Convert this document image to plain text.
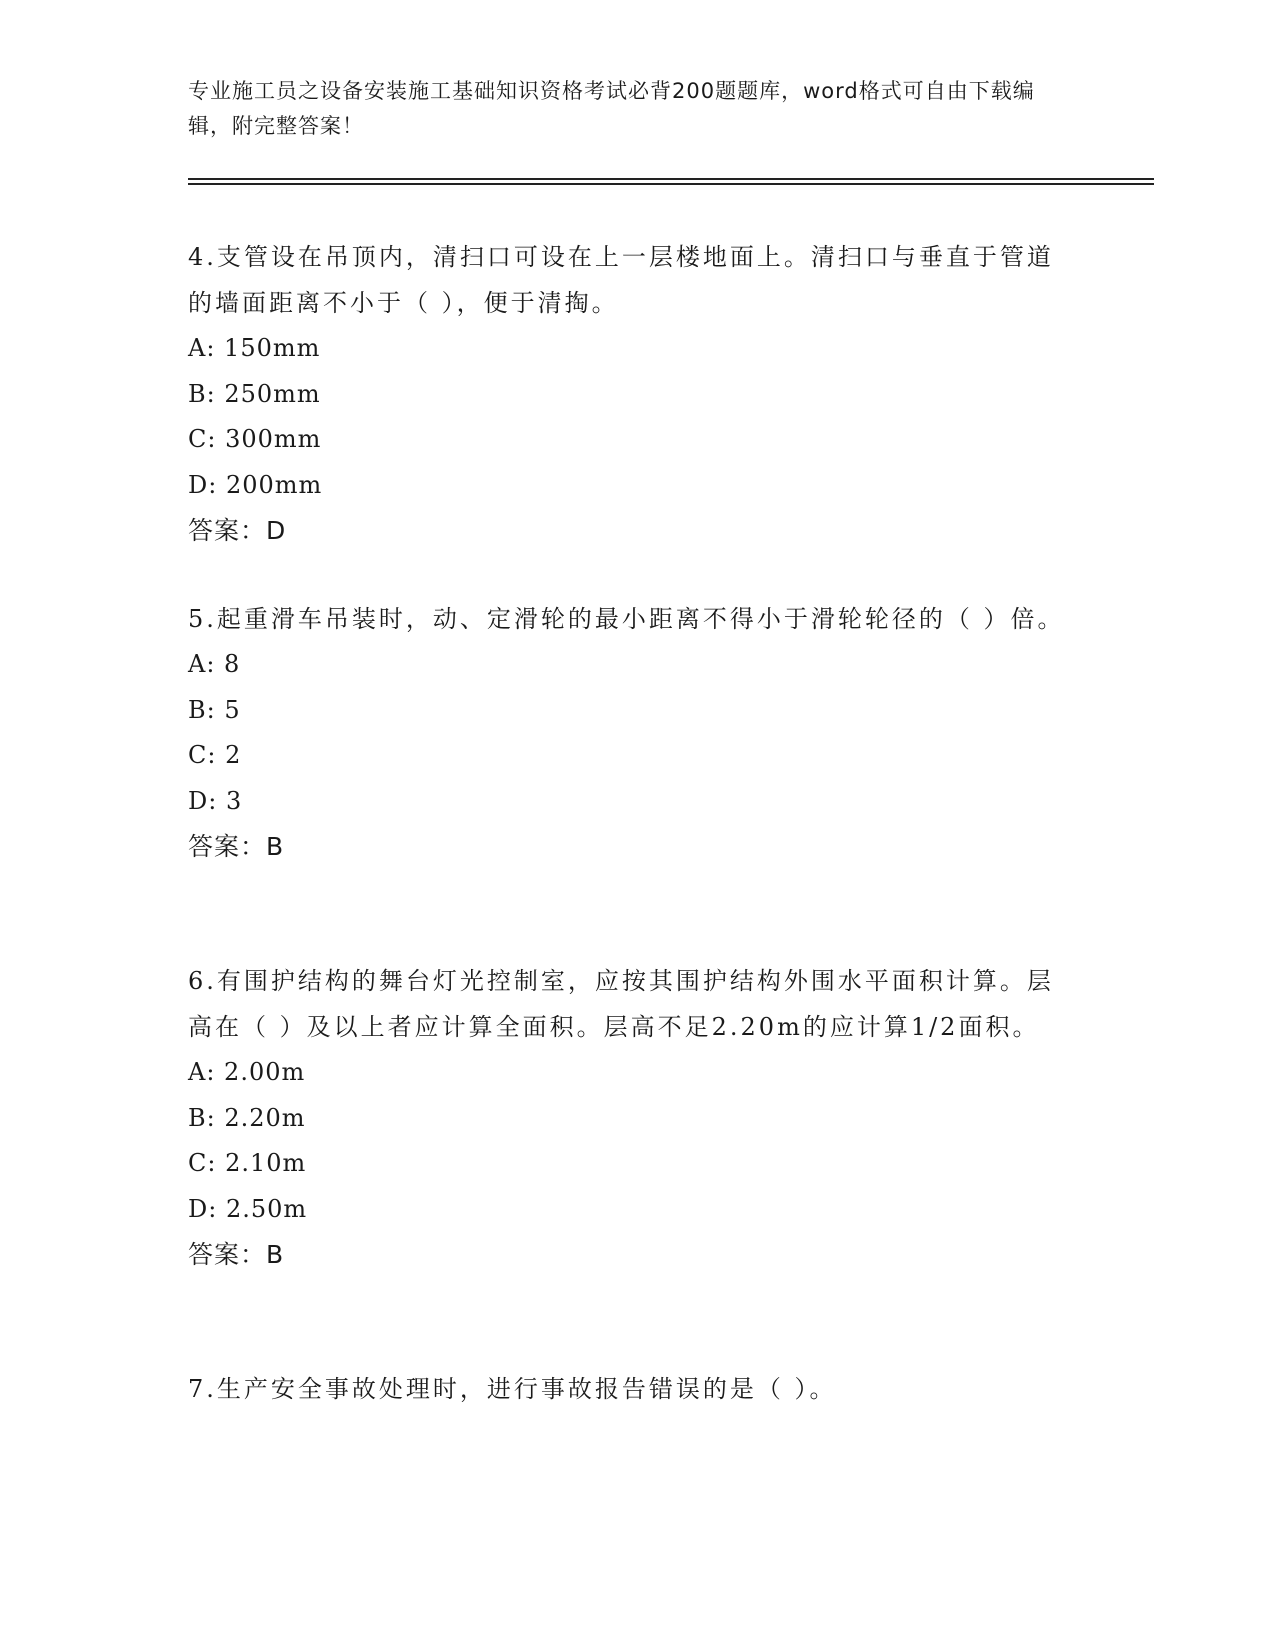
专业施工员之设备安装施工基础知识资格考试必背200题题库，word格式可自由下载编辑，附完整答案！
4.支管设在吊顶内，清扫口可设在上一层楼地面上。清扫口与垂直于管道的墙面距离不小于（ ），便于清掏。
A: 150mm
B: 250mm
C: 300mm
D: 200mm
答案：D
5.起重滑车吊装时，动、定滑轮的最小距离不得小于滑轮轮径的（ ）倍。
A: 8
B: 5
C: 2
D: 3
答案：B
6.有围护结构的舞台灯光控制室，应按其围护结构外围水平面积计算。层高在（ ）及以上者应计算全面积。层高不足2.20m的应计算1/2面积。
A: 2.00m
B: 2.20m
C: 2.10m
D: 2.50m
答案：B
7.生产安全事故处理时，进行事故报告错误的是（ ）。
